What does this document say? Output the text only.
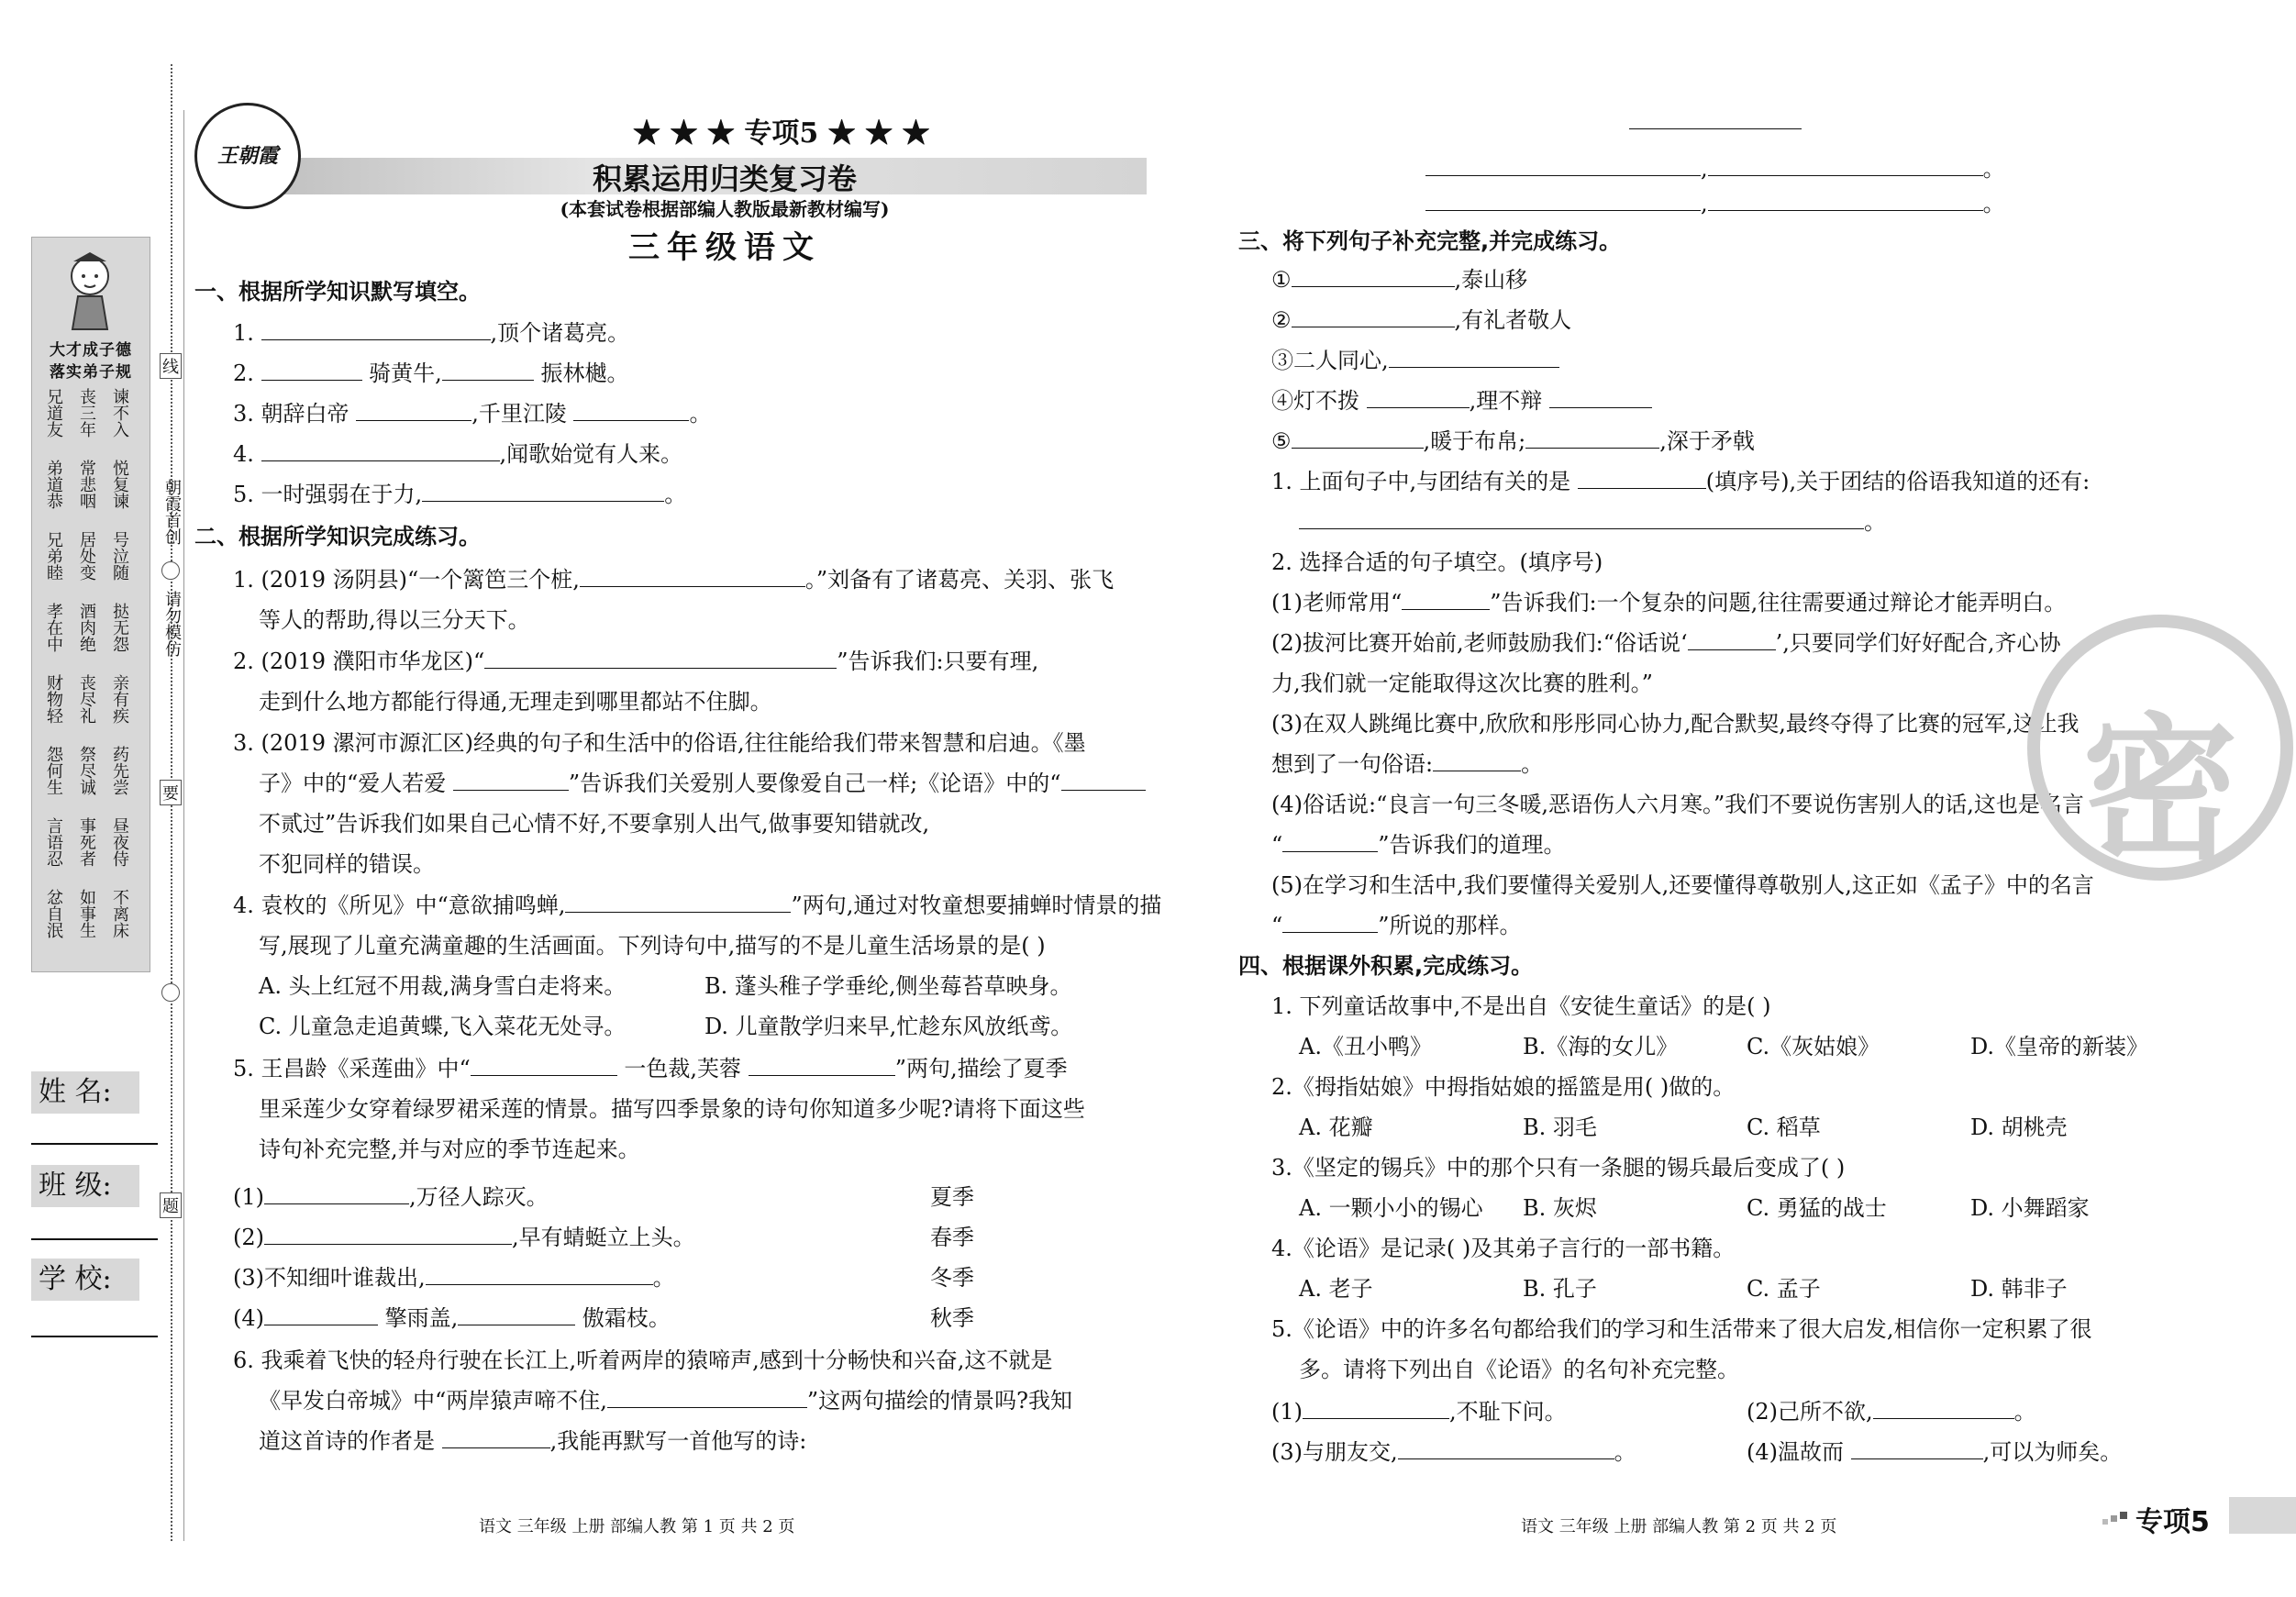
大才成子德
落实弟子规
兄道友 丧三年 谏不入
弟道恭 常悲咽 悦复谏
兄弟睦 居处变 号泣随
孝在中 酒肉绝 挞无怨
财物轻 丧尽礼 亲有疾
怨何生 祭尽诚 药先尝
言语忍 事死者 昼夜侍
忿自泯 如事生 不离床
线
朝霞首创
请勿模仿
要
题
姓 名:
班 级:
学 校:
王朝霞
★ ★ ★ 专项5 ★ ★ ★
积累运用归类复习卷
(本套试卷根据部编人教版最新教材编写)
三年级语文
一、根据所学知识默写填空。
1.	,顶个诸葛亮。
2.	骑黄牛,	振林樾。
3. 朝辞白帝	,千里江陵	。
4.	,闻歌始觉有人来。
5. 一时强弱在于力,	。
二、根据所学知识完成练习。
1. (2019 汤阴县)“一个篱笆三个桩,	。”刘备有了诸葛亮、关羽、张飞
等人的帮助,得以三分天下。
2. (2019 濮阳市华龙区)“	”告诉我们:只要有理,
走到什么地方都能行得通,无理走到哪里都站不住脚。
3. (2019 漯河市源汇区)经典的句子和生活中的俗语,往往能给我们带来智慧和启迪。《墨
子》中的“爱人若爱	”告诉我们关爱别人要像爱自己一样;《论语》中的“
不贰过”告诉我们如果自己心情不好,不要拿别人出气,做事要知错就改,
不犯同样的错误。
4. 袁枚的《所见》中“意欲捕鸣蝉,	”两句,通过对牧童想要捕蝉时情景的描
写,展现了儿童充满童趣的生活画面。下列诗句中,描写的不是儿童生活场景的是( )
A. 头上红冠不用裁,满身雪白走将来。	B. 蓬头稚子学垂纶,侧坐莓苔草映身。
C. 儿童急走追黄蝶,飞入菜花无处寻。	D. 儿童散学归来早,忙趁东风放纸鸢。
5. 王昌龄《采莲曲》中“	一色裁,芙蓉	”两句,描绘了夏季
里采莲少女穿着绿罗裙采莲的情景。描写四季景象的诗句你知道多少呢?请将下面这些
诗句补充完整,并与对应的季节连起来。
(1)	,万径人踪灭。	夏季
(2)	,早有蜻蜓立上头。	春季
(3)不知细叶谁裁出,	。	冬季
(4)	擎雨盖,	傲霜枝。	秋季
6. 我乘着飞快的轻舟行驶在长江上,听着两岸的猿啼声,感到十分畅快和兴奋,这不就是
《早发白帝城》中“两岸猿声啼不住,	”这两句描绘的情景吗?我知
道这首诗的作者是	,我能再默写一首他写的诗:
语文 三年级 上册 部编人教 第 1 页 共 2 页
,	。
,	。
三、将下列句子补充完整,并完成练习。
①	,泰山移
②	,有礼者敬人
③二人同心,
④灯不拨	,理不辩
⑤	,暖于布帛;	,深于矛戟
1. 上面句子中,与团结有关的是	(填序号),关于团结的俗语我知道的还有:
。
2. 选择合适的句子填空。(填序号)
(1)老师常用“	”告诉我们:一个复杂的问题,往往需要通过辩论才能弄明白。
(2)拔河比赛开始前,老师鼓励我们:“俗话说‘	’,只要同学们好好配合,齐心协
力,我们就一定能取得这次比赛的胜利。”
(3)在双人跳绳比赛中,欣欣和彤彤同心协力,配合默契,最终夺得了比赛的冠军,这让我
想到了一句俗语:	。
(4)俗话说:“良言一句三冬暖,恶语伤人六月寒。”我们不要说伤害别人的话,这也是名言
“	”告诉我们的道理。
(5)在学习和生活中,我们要懂得关爱别人,还要懂得尊敬别人,这正如《孟子》中的名言
“	”所说的那样。
四、根据课外积累,完成练习。
1. 下列童话故事中,不是出自《安徒生童话》的是( )
A.《丑小鸭》	B.《海的女儿》	C.《灰姑娘》	D.《皇帝的新装》
2.《拇指姑娘》中拇指姑娘的摇篮是用( )做的。
A. 花瓣	B. 羽毛	C. 稻草	D. 胡桃壳
3.《坚定的锡兵》中的那个只有一条腿的锡兵最后变成了( )
A. 一颗小小的锡心 B. 灰烬	C. 勇猛的战士	D. 小舞蹈家
4.《论语》是记录( )及其弟子言行的一部书籍。
A. 老子	B. 孔子	C. 孟子	D. 韩非子
5.《论语》中的许多名句都给我们的学习和生活带来了很大启发,相信你一定积累了很
多。请将下列出自《论语》的名句补充完整。
(1)	,不耻下问。	(2)己所不欲,	。
(3)与朋友交,	。	(4)温故而	,可以为师矣。
语文 三年级 上册 部编人教 第 2 页 共 2 页	专项5
密
